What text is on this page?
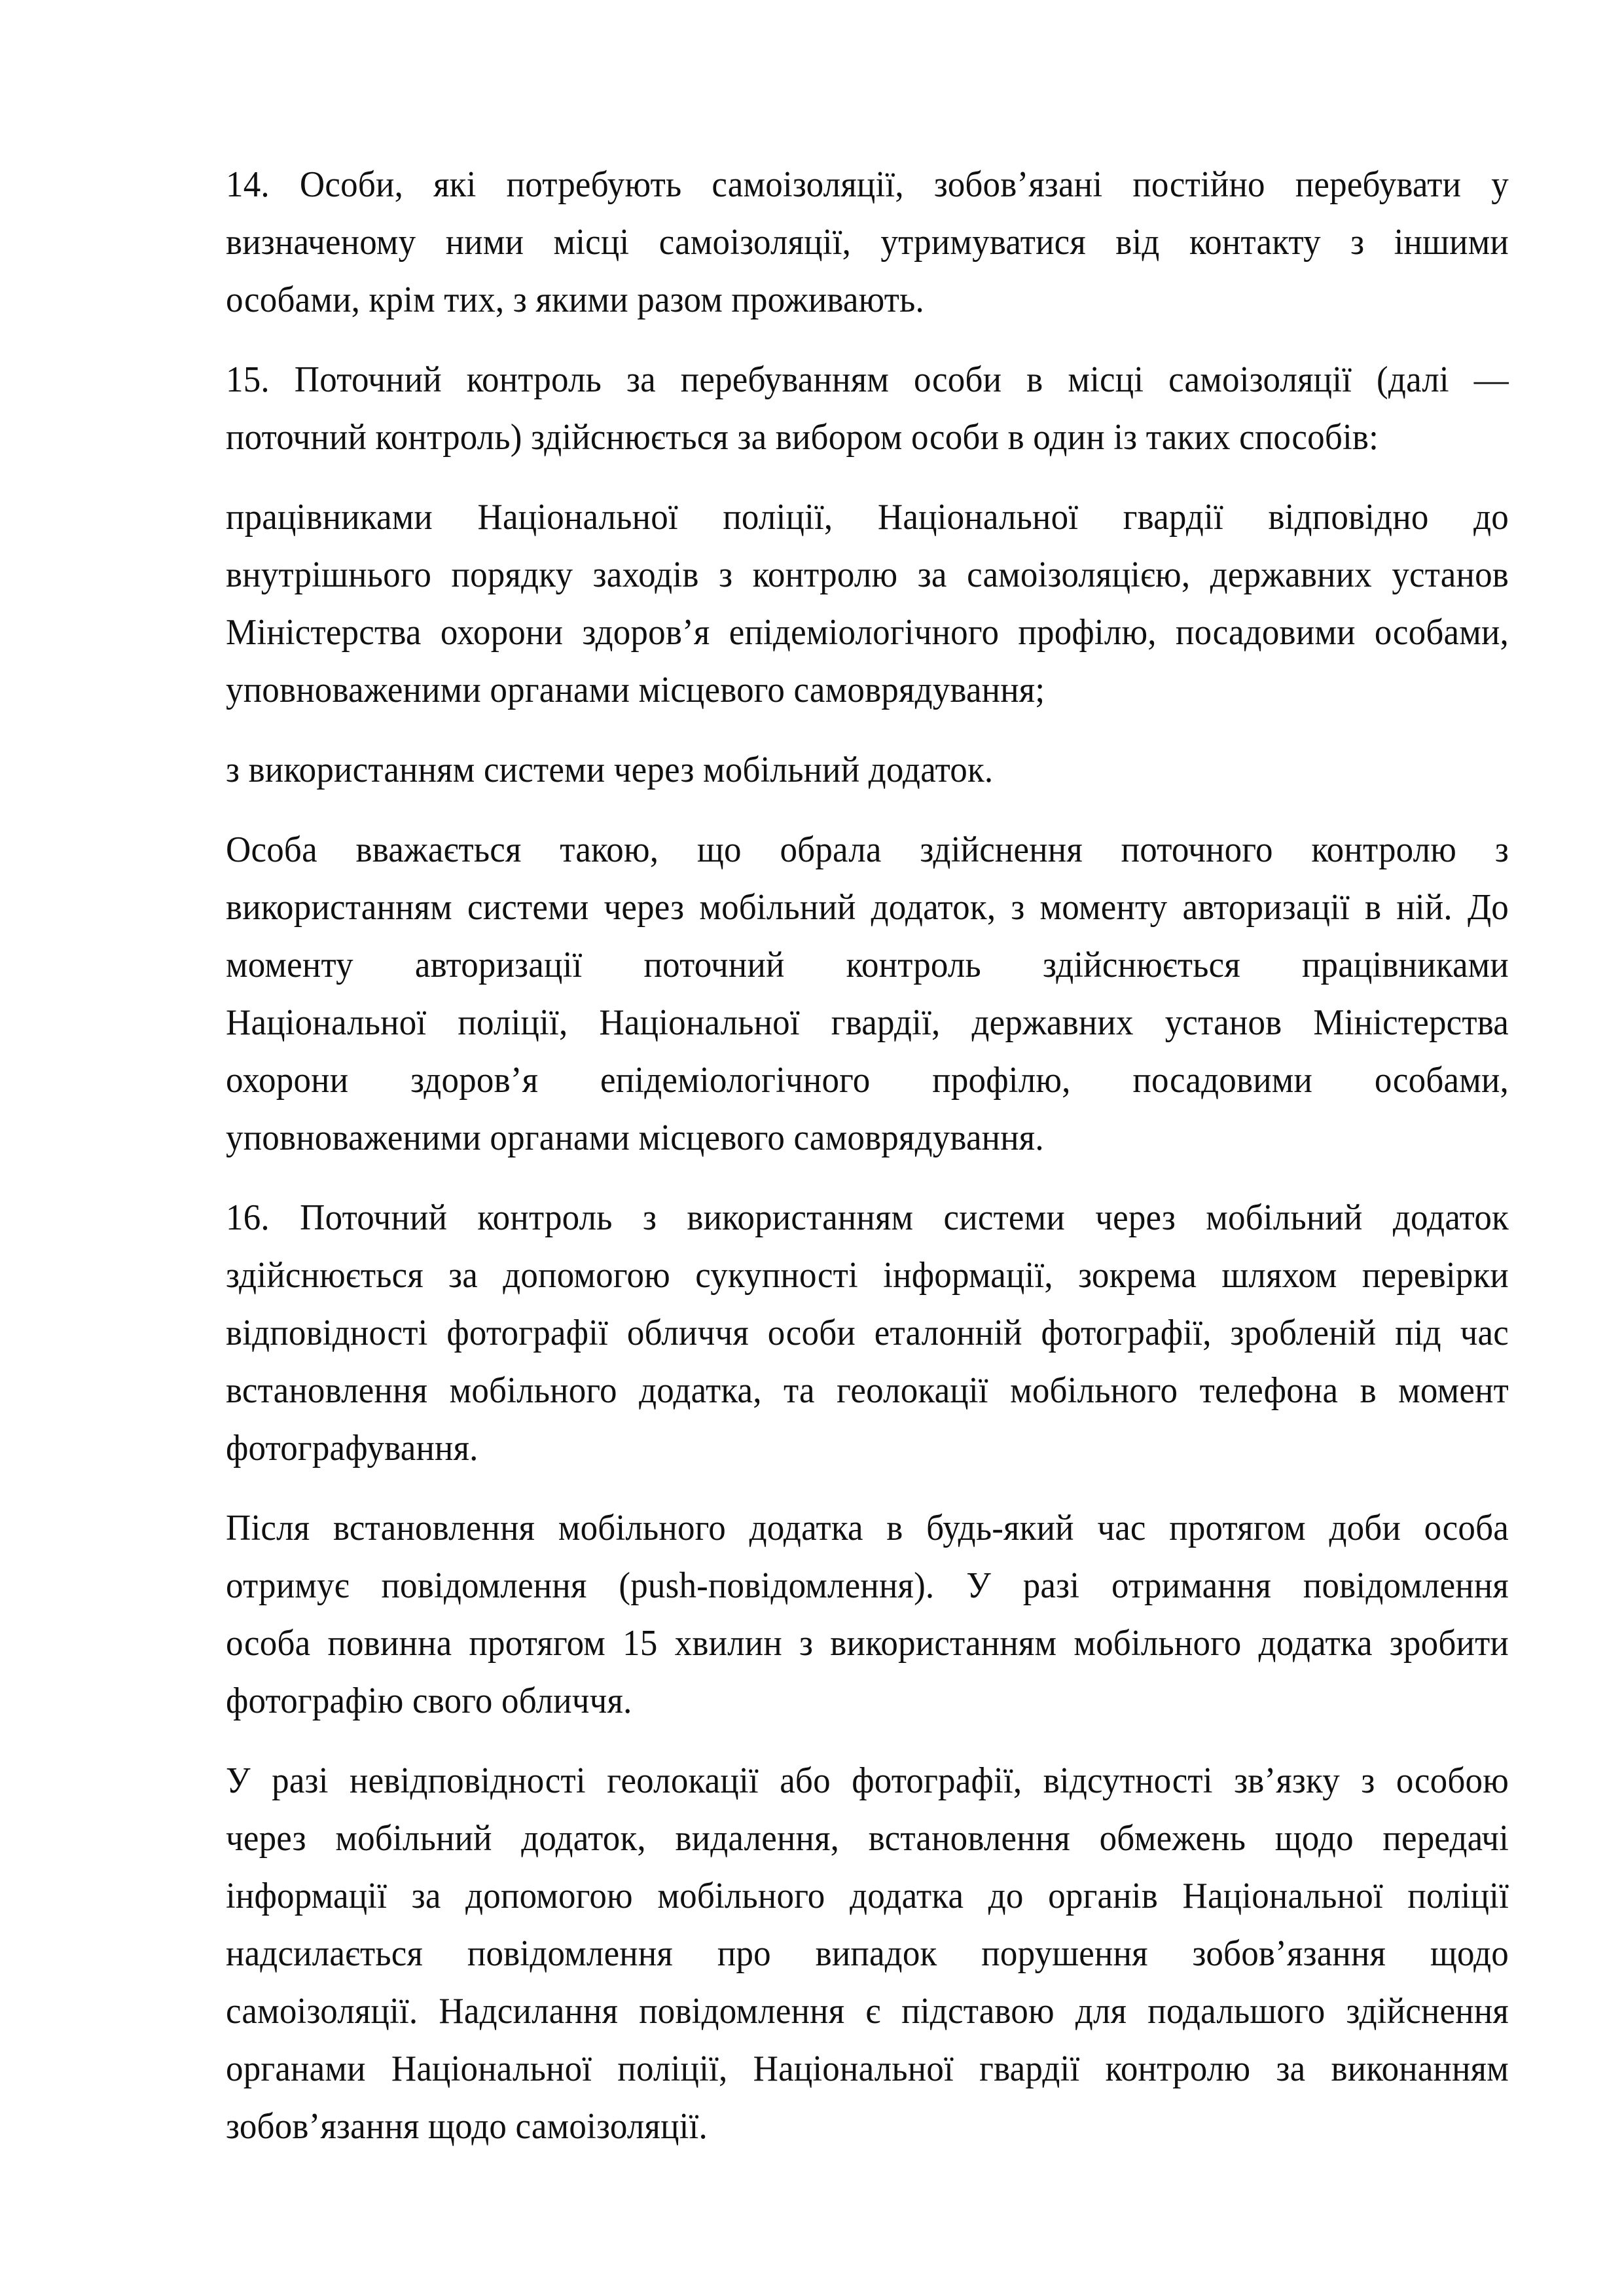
14. Особи, які потребують самоізоляції, зобов’язані постійно перебувати у
визначеному ними місці самоізоляції, утримуватися від контакту з іншими
особами, крім тих, з якими разом проживають.
15. Поточний контроль за перебуванням особи в місці самоізоляції (далі —
поточний контроль) здійснюється за вибором особи в один із таких способів:
працівниками Національної поліції, Національної гвардії відповідно до
внутрішнього порядку заходів з контролю за самоізоляцією, державних установ
Міністерства охорони здоров’я епідеміологічного профілю, посадовими особами,
уповноваженими органами місцевого самоврядування;
з використанням системи через мобільний додаток.
Особа вважається такою, що обрала здійснення поточного контролю з
використанням системи через мобільний додаток, з моменту авторизації в ній. До
моменту авторизації поточний контроль здійснюється працівниками
Національної поліції, Національної гвардії, державних установ Міністерства
охорони здоров’я епідеміологічного профілю, посадовими особами,
уповноваженими органами місцевого самоврядування.
16. Поточний контроль з використанням системи через мобільний додаток
здійснюється за допомогою сукупності інформації, зокрема шляхом перевірки
відповідності фотографії обличчя особи еталонній фотографії, зробленій під час
встановлення мобільного додатка, та геолокації мобільного телефона в момент
фотографування.
Після встановлення мобільного додатка в будь-який час протягом доби особа
отримує повідомлення (push-повідомлення). У разі отримання повідомлення
особа повинна протягом 15 хвилин з використанням мобільного додатка зробити
фотографію свого обличчя.
У разі невідповідності геолокації або фотографії, відсутності зв’язку з особою
через мобільний додаток, видалення, встановлення обмежень щодо передачі
інформації за допомогою мобільного додатка до органів Національної поліції
надсилається повідомлення про випадок порушення зобов’язання щодо
самоізоляції. Надсилання повідомлення є підставою для подальшого здійснення
органами Національної поліції, Національної гвардії контролю за виконанням
зобов’язання щодо самоізоляції.
